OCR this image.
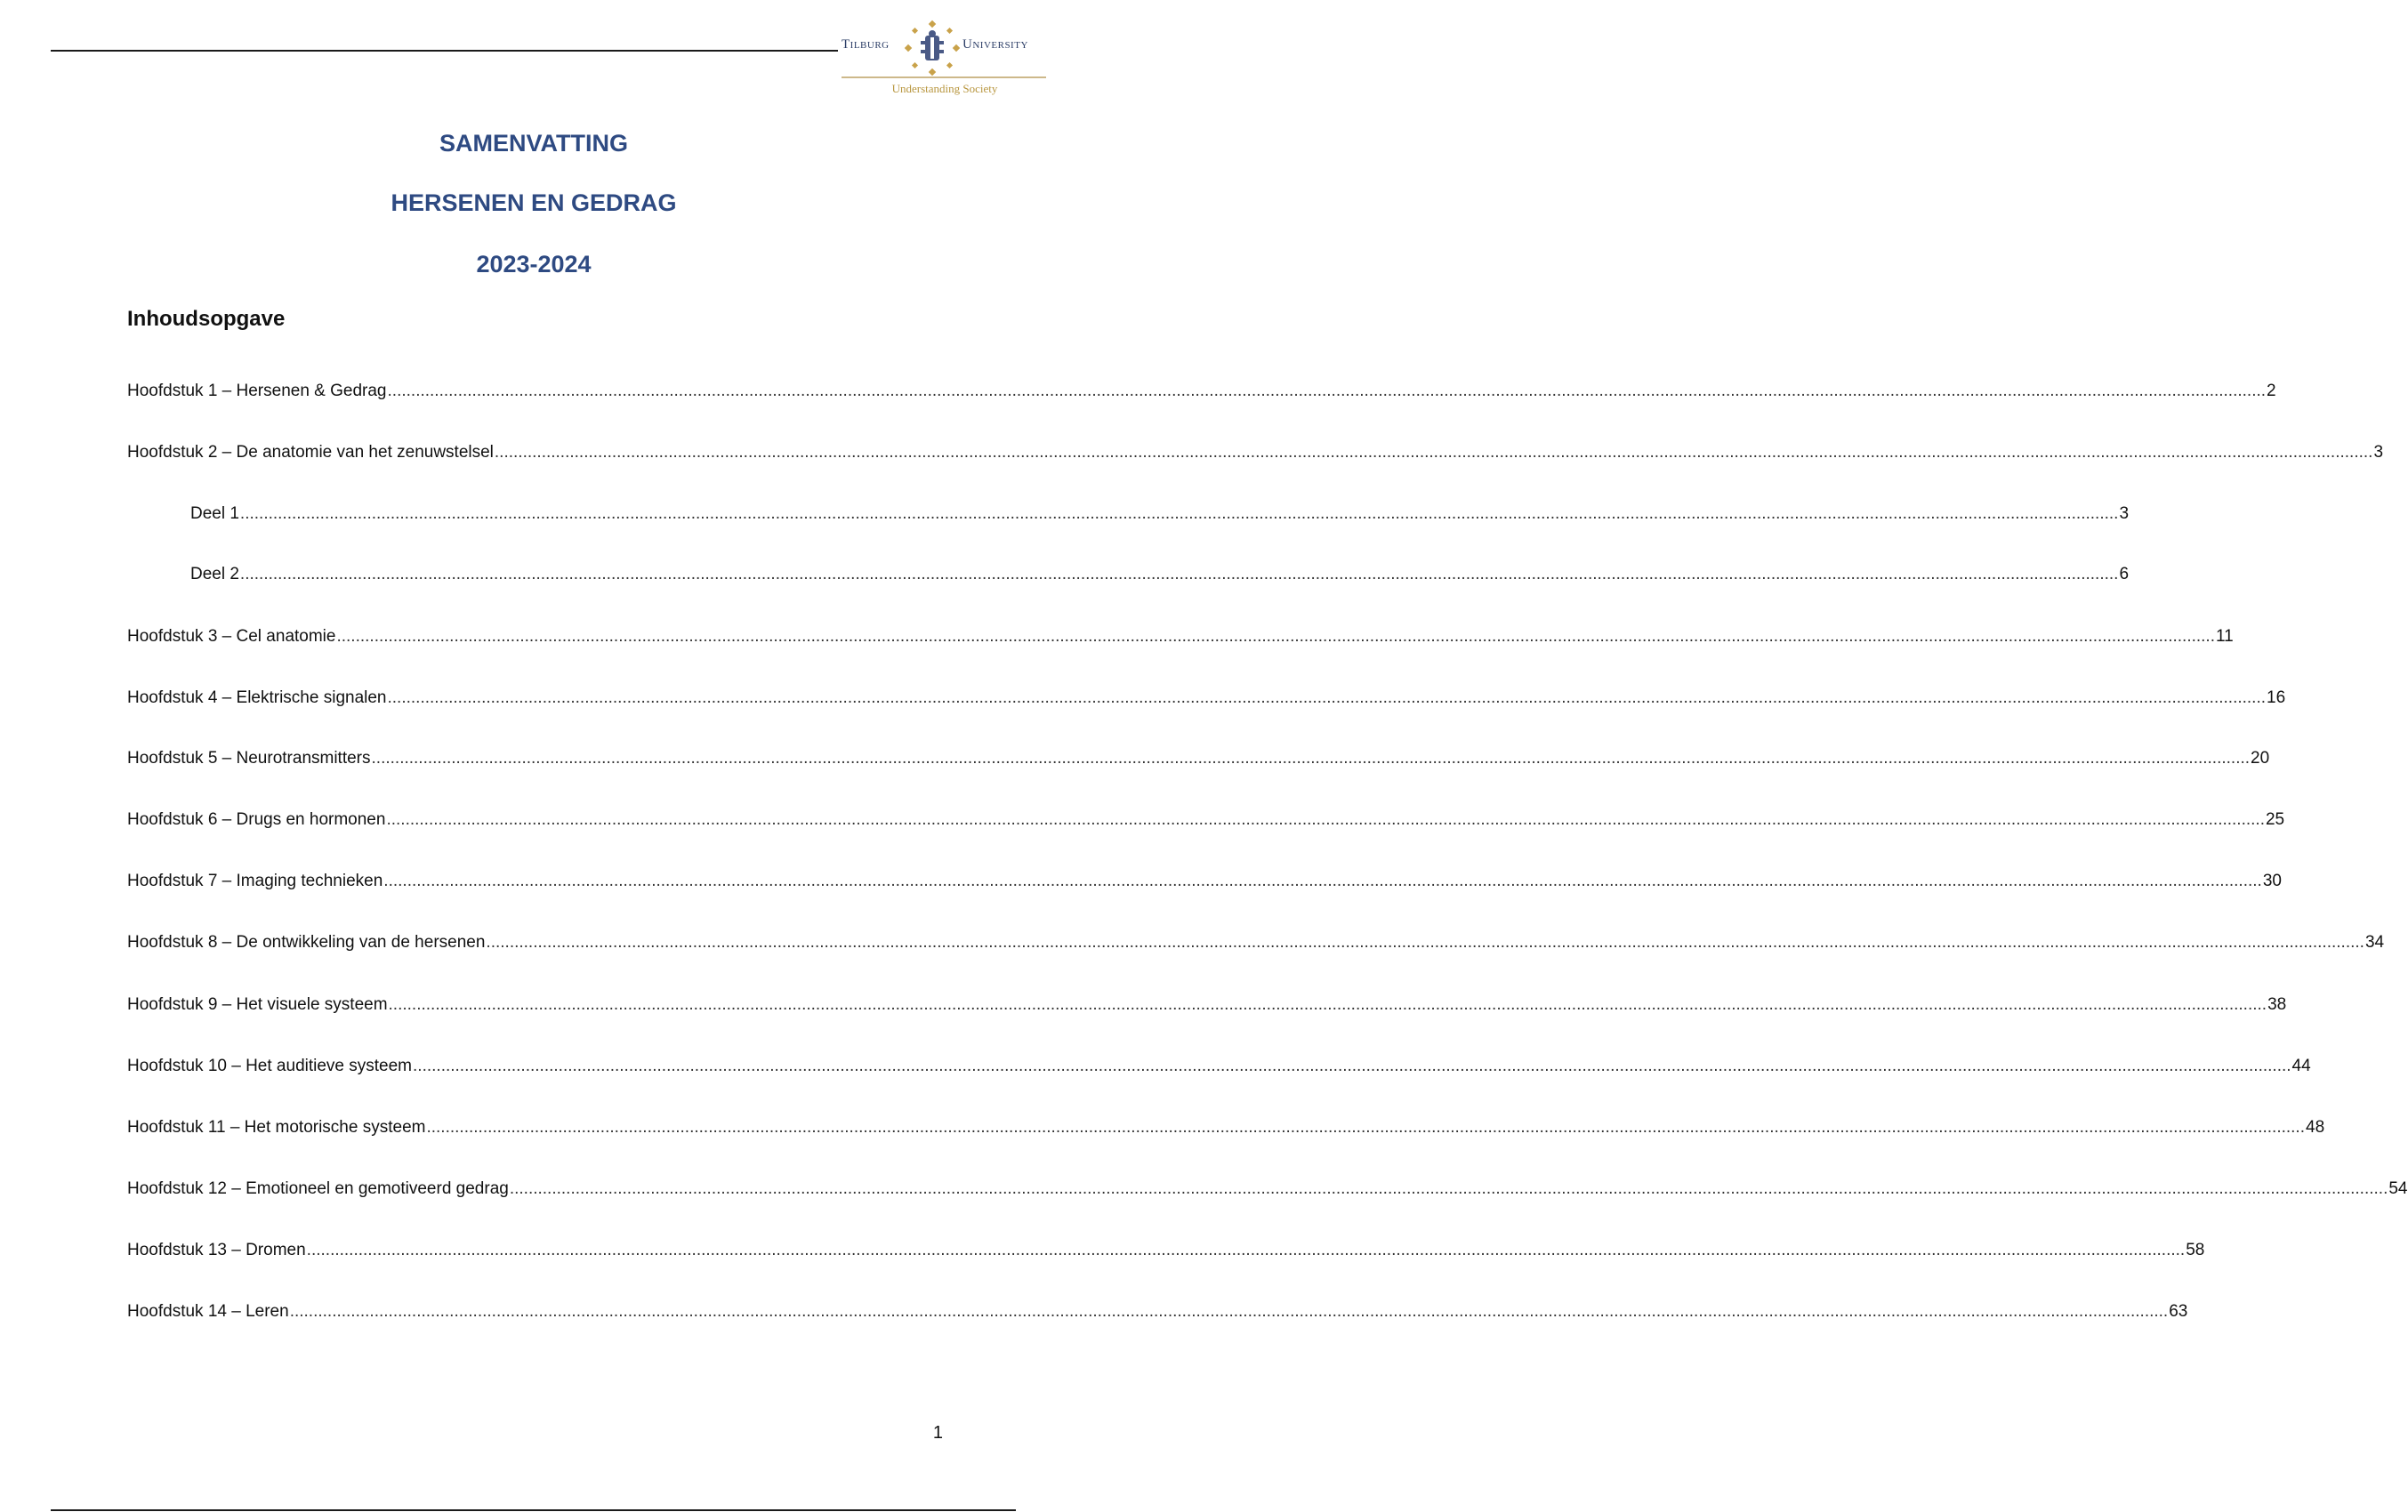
Tilburg	University
Understanding Society
SAMENVATTING
HERSENEN EN GEDRAG
2023-2024
Inhoudsopgave
Hoofdstuk 1 – Hersenen & Gedrag ................................................................................................................................................................................................................................................................................................................................................................................................................ 2
Hoofdstuk 2 – De anatomie van het zenuwstelsel ................................................................................................................................................................................................................................................................................................................................................................................................................ 3
Deel 1 ................................................................................................................................................................................................................................................................................................................................................................................................................ 3
Deel 2 ................................................................................................................................................................................................................................................................................................................................................................................................................ 6
Hoofdstuk 3 – Cel anatomie ................................................................................................................................................................................................................................................................................................................................................................................................................ 11
Hoofdstuk 4 – Elektrische signalen ................................................................................................................................................................................................................................................................................................................................................................................................................ 16
Hoofdstuk 5 – Neurotransmitters ................................................................................................................................................................................................................................................................................................................................................................................................................ 20
Hoofdstuk 6 – Drugs en hormonen ................................................................................................................................................................................................................................................................................................................................................................................................................ 25
Hoofdstuk 7 – Imaging technieken ................................................................................................................................................................................................................................................................................................................................................................................................................ 30
Hoofdstuk 8 – De ontwikkeling van de hersenen ................................................................................................................................................................................................................................................................................................................................................................................................................ 34
Hoofdstuk 9 – Het visuele systeem ................................................................................................................................................................................................................................................................................................................................................................................................................ 38
Hoofdstuk 10 – Het auditieve systeem ................................................................................................................................................................................................................................................................................................................................................................................................................ 44
Hoofdstuk 11 – Het motorische systeem ................................................................................................................................................................................................................................................................................................................................................................................................................ 48
Hoofdstuk 12 – Emotioneel en gemotiveerd gedrag ................................................................................................................................................................................................................................................................................................................................................................................................................ 54
Hoofdstuk 13 – Dromen ................................................................................................................................................................................................................................................................................................................................................................................................................ 58
Hoofdstuk 14 – Leren ................................................................................................................................................................................................................................................................................................................................................................................................................ 63
1
